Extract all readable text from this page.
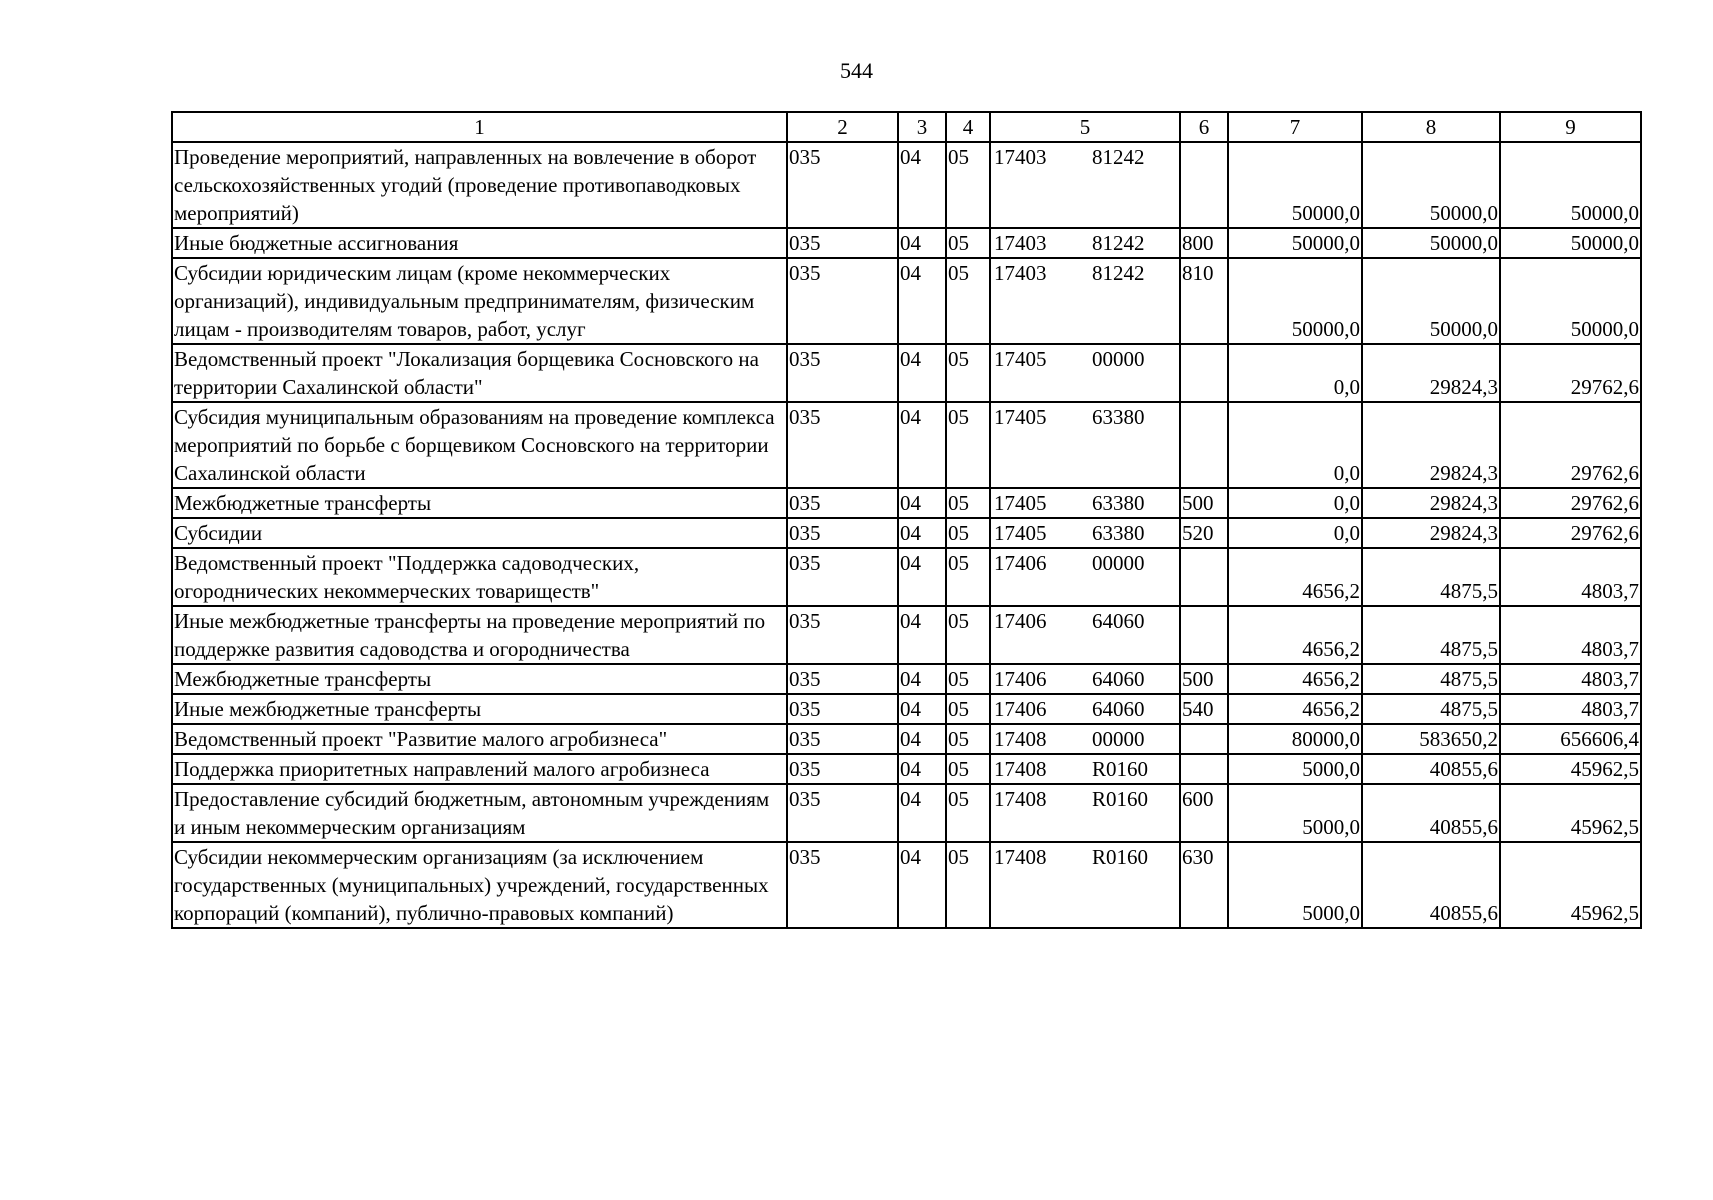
544
1	2	3	4	5	6	7	8	9
Проведение мероприятий, направленных на вовлечение в оборот сельскохозяйственных угодий (проведение противопаводковых мероприятий)	035	04	05	17403 81242		50000,0	50000,0	50000,0
Иные бюджетные ассигнования	035	04	05	17403 81242	800	50000,0	50000,0	50000,0
Субсидии юридическим лицам (кроме некоммерческих организаций), индивидуальным предпринимателям, физическим лицам - производителям товаров, работ, услуг	035	04	05	17403 81242	810	50000,0	50000,0	50000,0
Ведомственный проект "Локализация борщевика Сосновского на территории Сахалинской области"	035	04	05	17405 00000		0,0	29824,3	29762,6
Субсидия муниципальным образованиям на проведение комплекса мероприятий по борьбе с борщевиком Сосновского на территории Сахалинской области	035	04	05	17405 63380		0,0	29824,3	29762,6
Межбюджетные трансферты	035	04	05	17405 63380	500	0,0	29824,3	29762,6
Субсидии	035	04	05	17405 63380	520	0,0	29824,3	29762,6
Ведомственный проект "Поддержка садоводческих, огороднических некоммерческих товариществ"	035	04	05	17406 00000		4656,2	4875,5	4803,7
Иные межбюджетные трансферты на проведение мероприятий по поддержке развития садоводства и огородничества	035	04	05	17406 64060		4656,2	4875,5	4803,7
Межбюджетные трансферты	035	04	05	17406 64060	500	4656,2	4875,5	4803,7
Иные межбюджетные трансферты	035	04	05	17406 64060	540	4656,2	4875,5	4803,7
Ведомственный проект "Развитие малого агробизнеса"	035	04	05	17408 00000		80000,0	583650,2	656606,4
Поддержка приоритетных направлений малого агробизнеса	035	04	05	17408 R0160		5000,0	40855,6	45962,5
Предоставление субсидий бюджетным, автономным учреждениям и иным некоммерческим организациям	035	04	05	17408 R0160	600	5000,0	40855,6	45962,5
Субсидии некоммерческим организациям (за исключением государственных (муниципальных) учреждений, государственных корпораций (компаний), публично-правовых компаний)	035	04	05	17408 R0160	630	5000,0	40855,6	45962,5
